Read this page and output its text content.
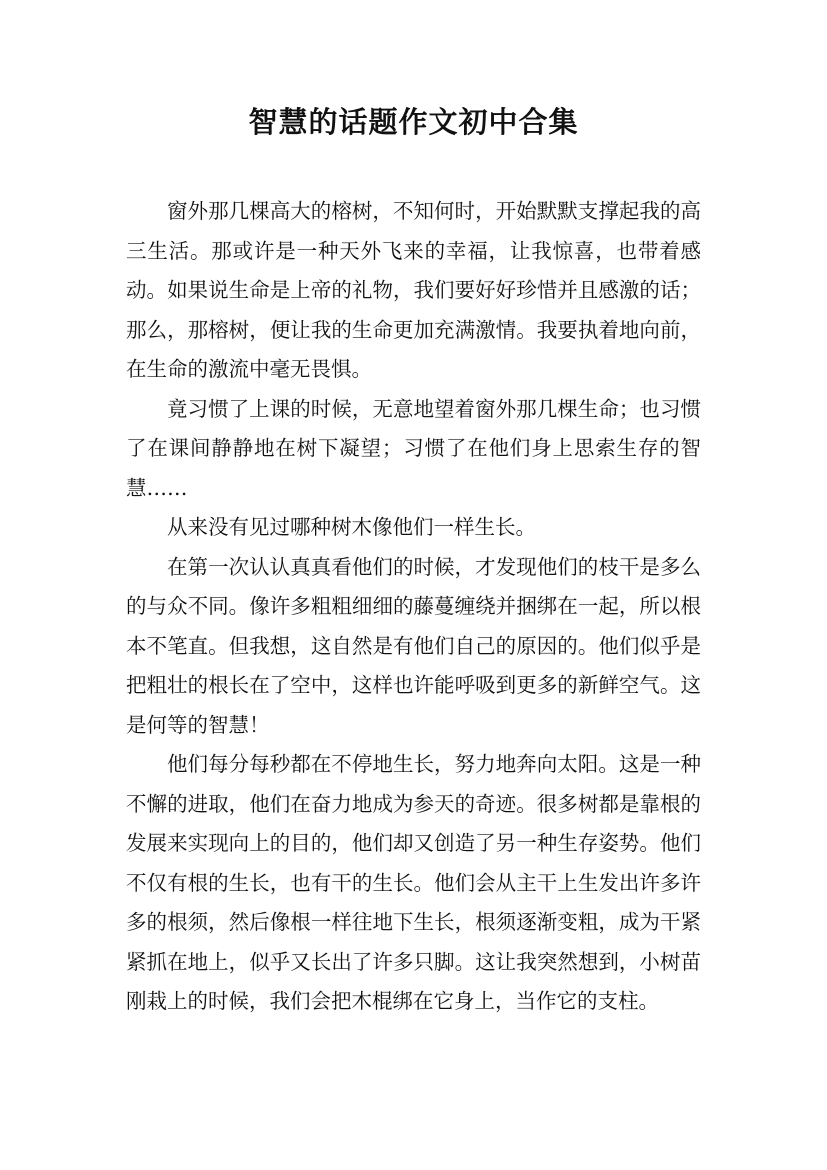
智慧的话题作文初中合集

窗外那几棵高大的榕树，不知何时，开始默默支撑起我的高三生活。那或许是一种天外飞来的幸福，让我惊喜，也带着感动。如果说生命是上帝的礼物，我们要好好珍惜并且感激的话；那么，那榕树，便让我的生命更加充满激情。我要执着地向前，在生命的激流中毫无畏惧。

竟习惯了上课的时候，无意地望着窗外那几棵生命；也习惯了在课间静静地在树下凝望；习惯了在他们身上思索生存的智慧……

从来没有见过哪种树木像他们一样生长。

在第一次认认真真看他们的时候，才发现他们的枝干是多么的与众不同。像许多粗粗细细的藤蔓缠绕并捆绑在一起，所以根本不笔直。但我想，这自然是有他们自己的原因的。他们似乎是把粗壮的根长在了空中，这样也许能呼吸到更多的新鲜空气。这是何等的智慧！

他们每分每秒都在不停地生长，努力地奔向太阳。这是一种不懈的进取，他们在奋力地成为参天的奇迹。很多树都是靠根的发展来实现向上的目的，他们却又创造了另一种生存姿势。他们不仅有根的生长，也有干的生长。他们会从主干上生发出许多许多的根须，然后像根一样往地下生长，根须逐渐变粗，成为干紧紧抓在地上，似乎又长出了许多只脚。这让我突然想到，小树苗刚栽上的时候，我们会把木棍绑在它身上，当作它的支柱。
